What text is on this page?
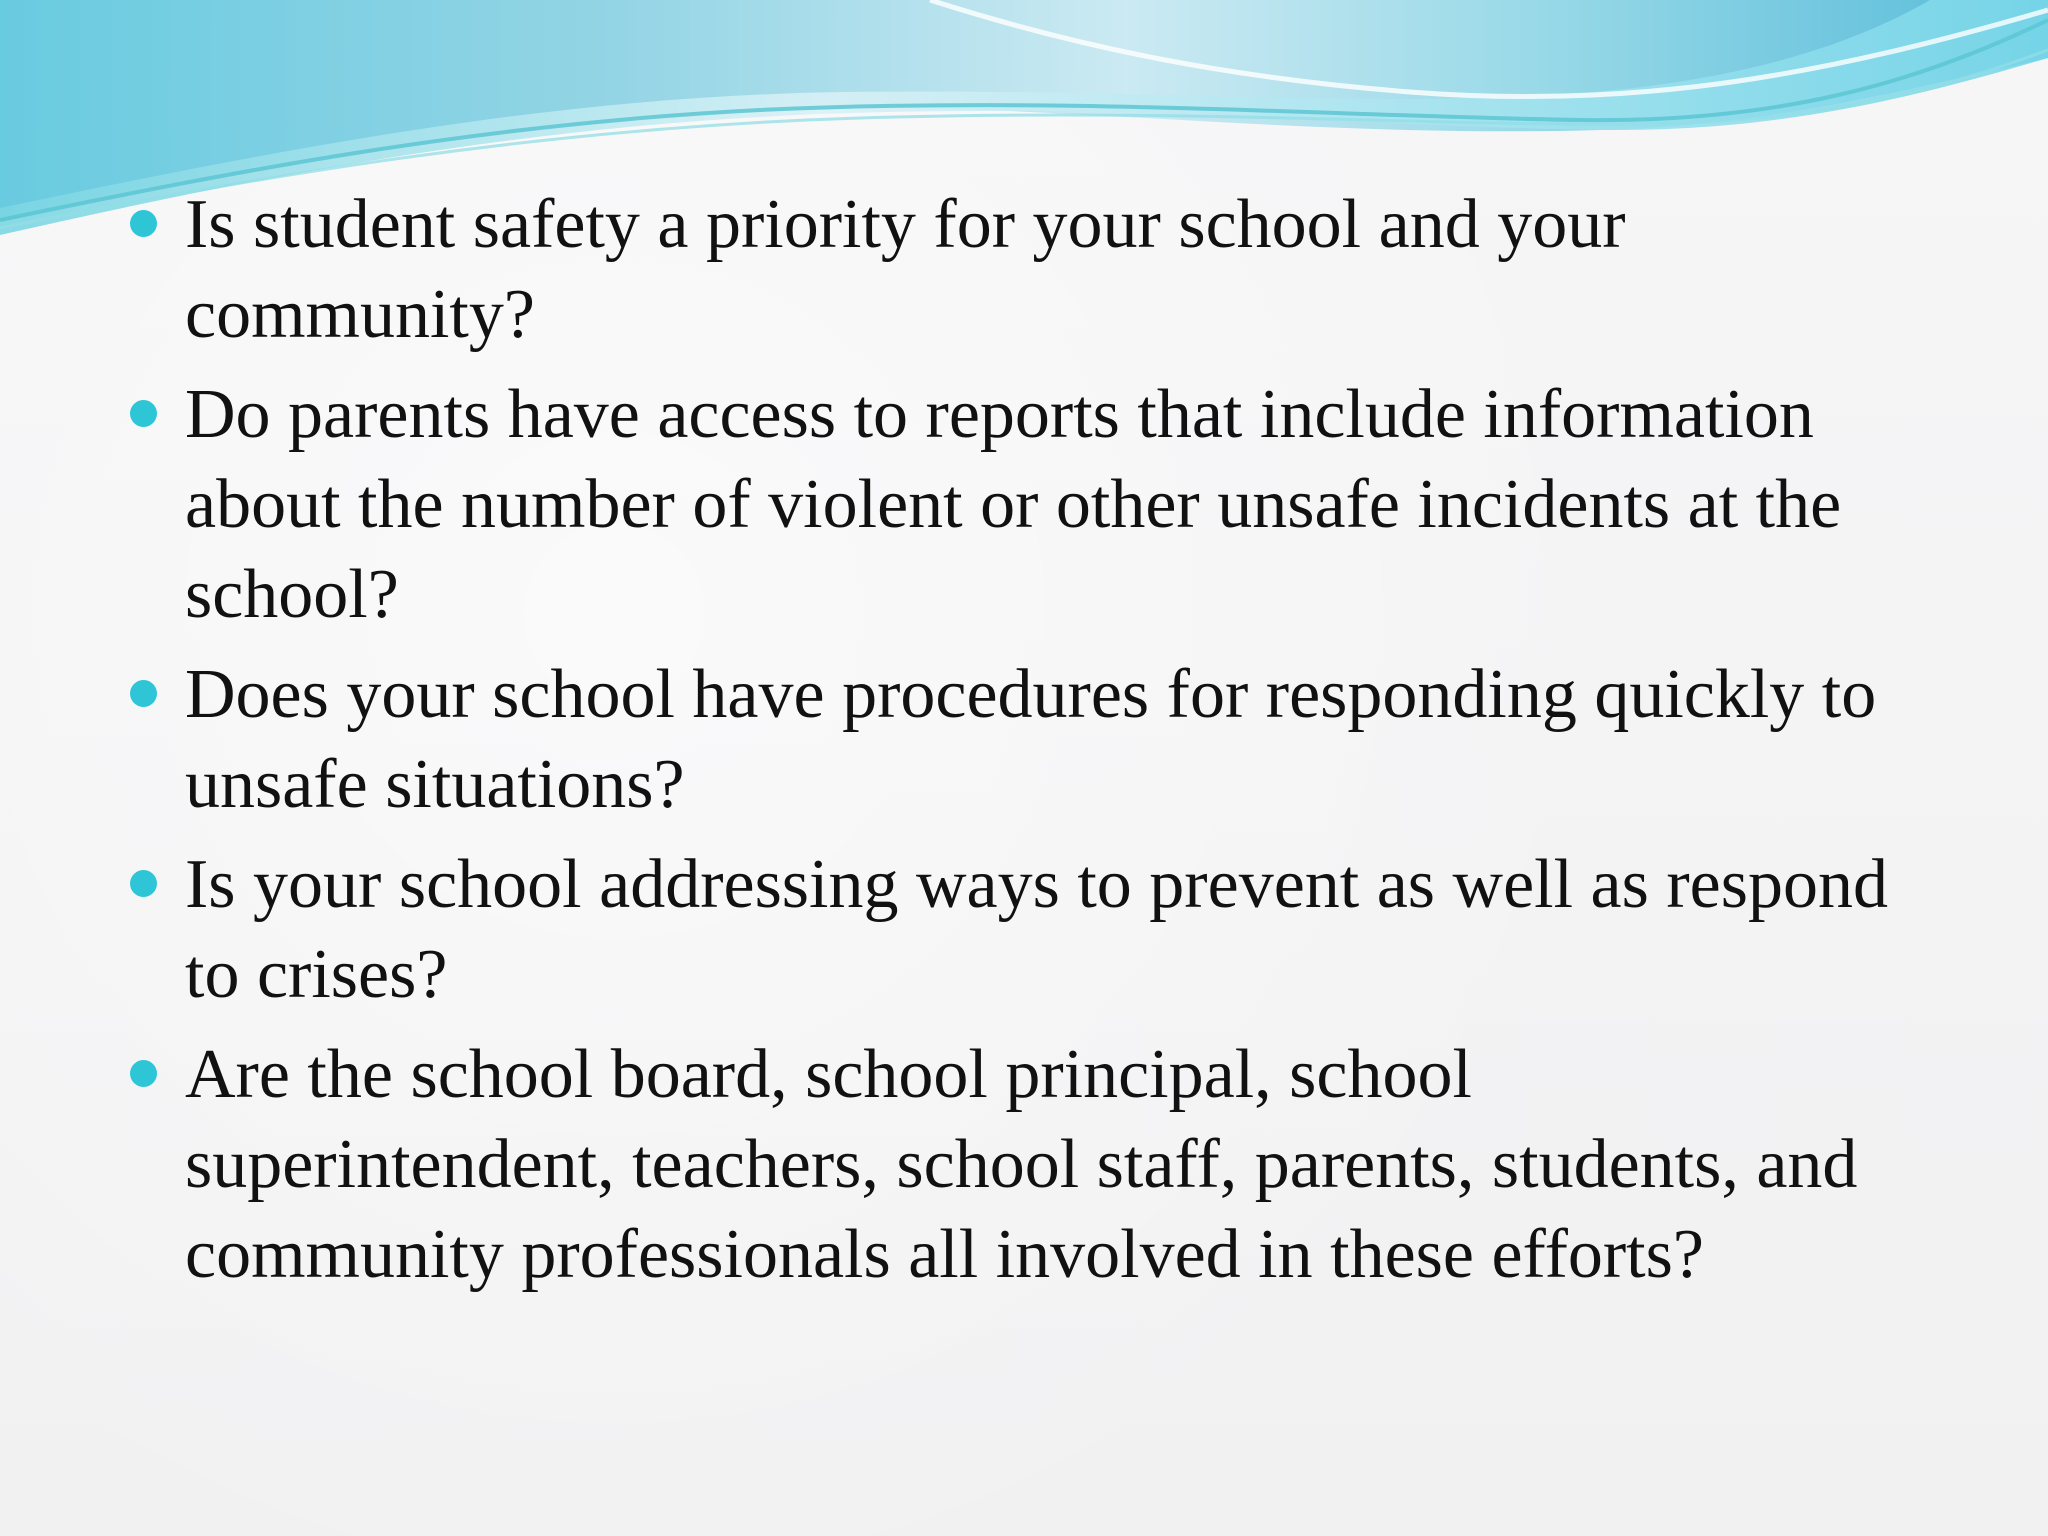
Is student safety a priority for your school and your community?
Do parents have access to reports that include information about the number of violent or other unsafe incidents at the school?
Does your school have procedures for responding quickly to unsafe situations?
Is your school addressing ways to prevent as well as respond to crises?
Are the school board, school principal, school superintendent, teachers, school staff, parents, students, and community professionals all involved in these efforts?
